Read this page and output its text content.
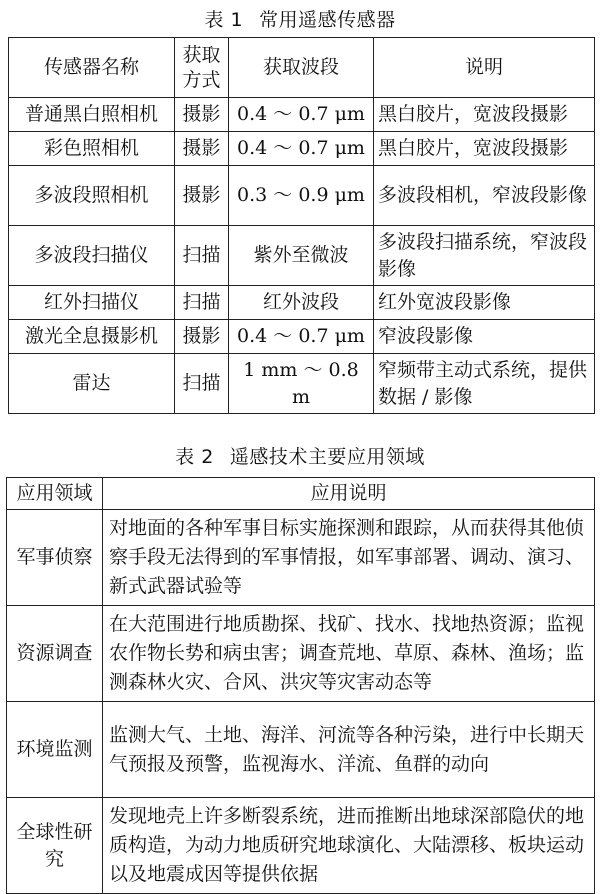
表 1 常用遥感传感器
传感器名称	获取方式	获取波段	说明
普通黑白照相机	摄影	0.4 ～ 0.7 μm	黑白胶片，宽波段摄影
彩色照相机	摄影	0.4 ～ 0.7 μm	黑白胶片，宽波段摄影
多波段照相机	摄影	0.3 ～ 0.9 μm	多波段相机，窄波段影像
多波段扫描仪	扫描	紫外至微波	多波段扫描系统，窄波段影像
红外扫描仪	扫描	红外波段	红外宽波段影像
激光全息摄影机	摄影	0.4 ～ 0.7 μm	窄波段影像
雷达	扫描	1 mm ～ 0.8 m	窄频带主动式系统，提供数据 / 影像
表 2 遥感技术主要应用领域
应用领域	应用说明
军事侦察	对地面的各种军事目标实施探测和跟踪，从而获得其他侦察手段无法得到的军事情报，如军事部署、调动、演习、新式武器试验等
资源调查	在大范围进行地质勘探、找矿、找水、找地热资源；监视农作物长势和病虫害；调查荒地、草原、森林、渔场；监测森林火灾、合风、洪灾等灾害动态等
环境监测	监测大气、土地、海洋、河流等各种污染，进行中长期天气预报及预警，监视海水、洋流、鱼群的动向
全球性研究	发现地壳上许多断裂系统，进而推断出地球深部隐伏的地质构造，为动力地质研究地球演化、大陆漂移、板块运动以及地震成因等提供依据
